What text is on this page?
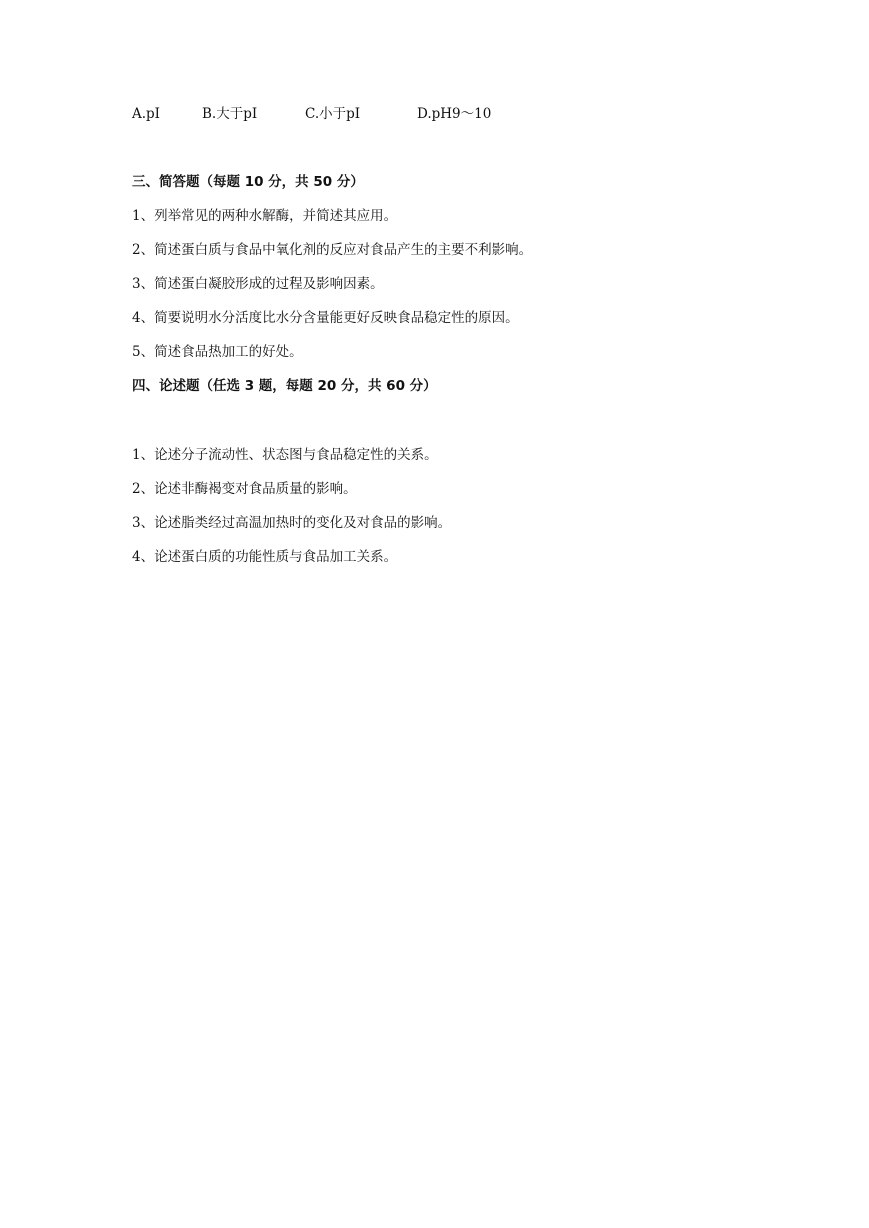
A.pI	B.大于pI	C.小于pI	D.pH9～10
三、简答题（每题 10 分，共 50 分）
1、列举常见的两种水解酶，并简述其应用。
2、简述蛋白质与食品中氧化剂的反应对食品产生的主要不利影响。
3、简述蛋白凝胶形成的过程及影响因素。
4、简要说明水分活度比水分含量能更好反映食品稳定性的原因。
5、简述食品热加工的好处。
四、论述题（任选 3 题，每题 20 分，共 60 分）
1、论述分子流动性、状态图与食品稳定性的关系。
2、论述非酶褐变对食品质量的影响。
3、论述脂类经过高温加热时的变化及对食品的影响。
4、论述蛋白质的功能性质与食品加工关系。
